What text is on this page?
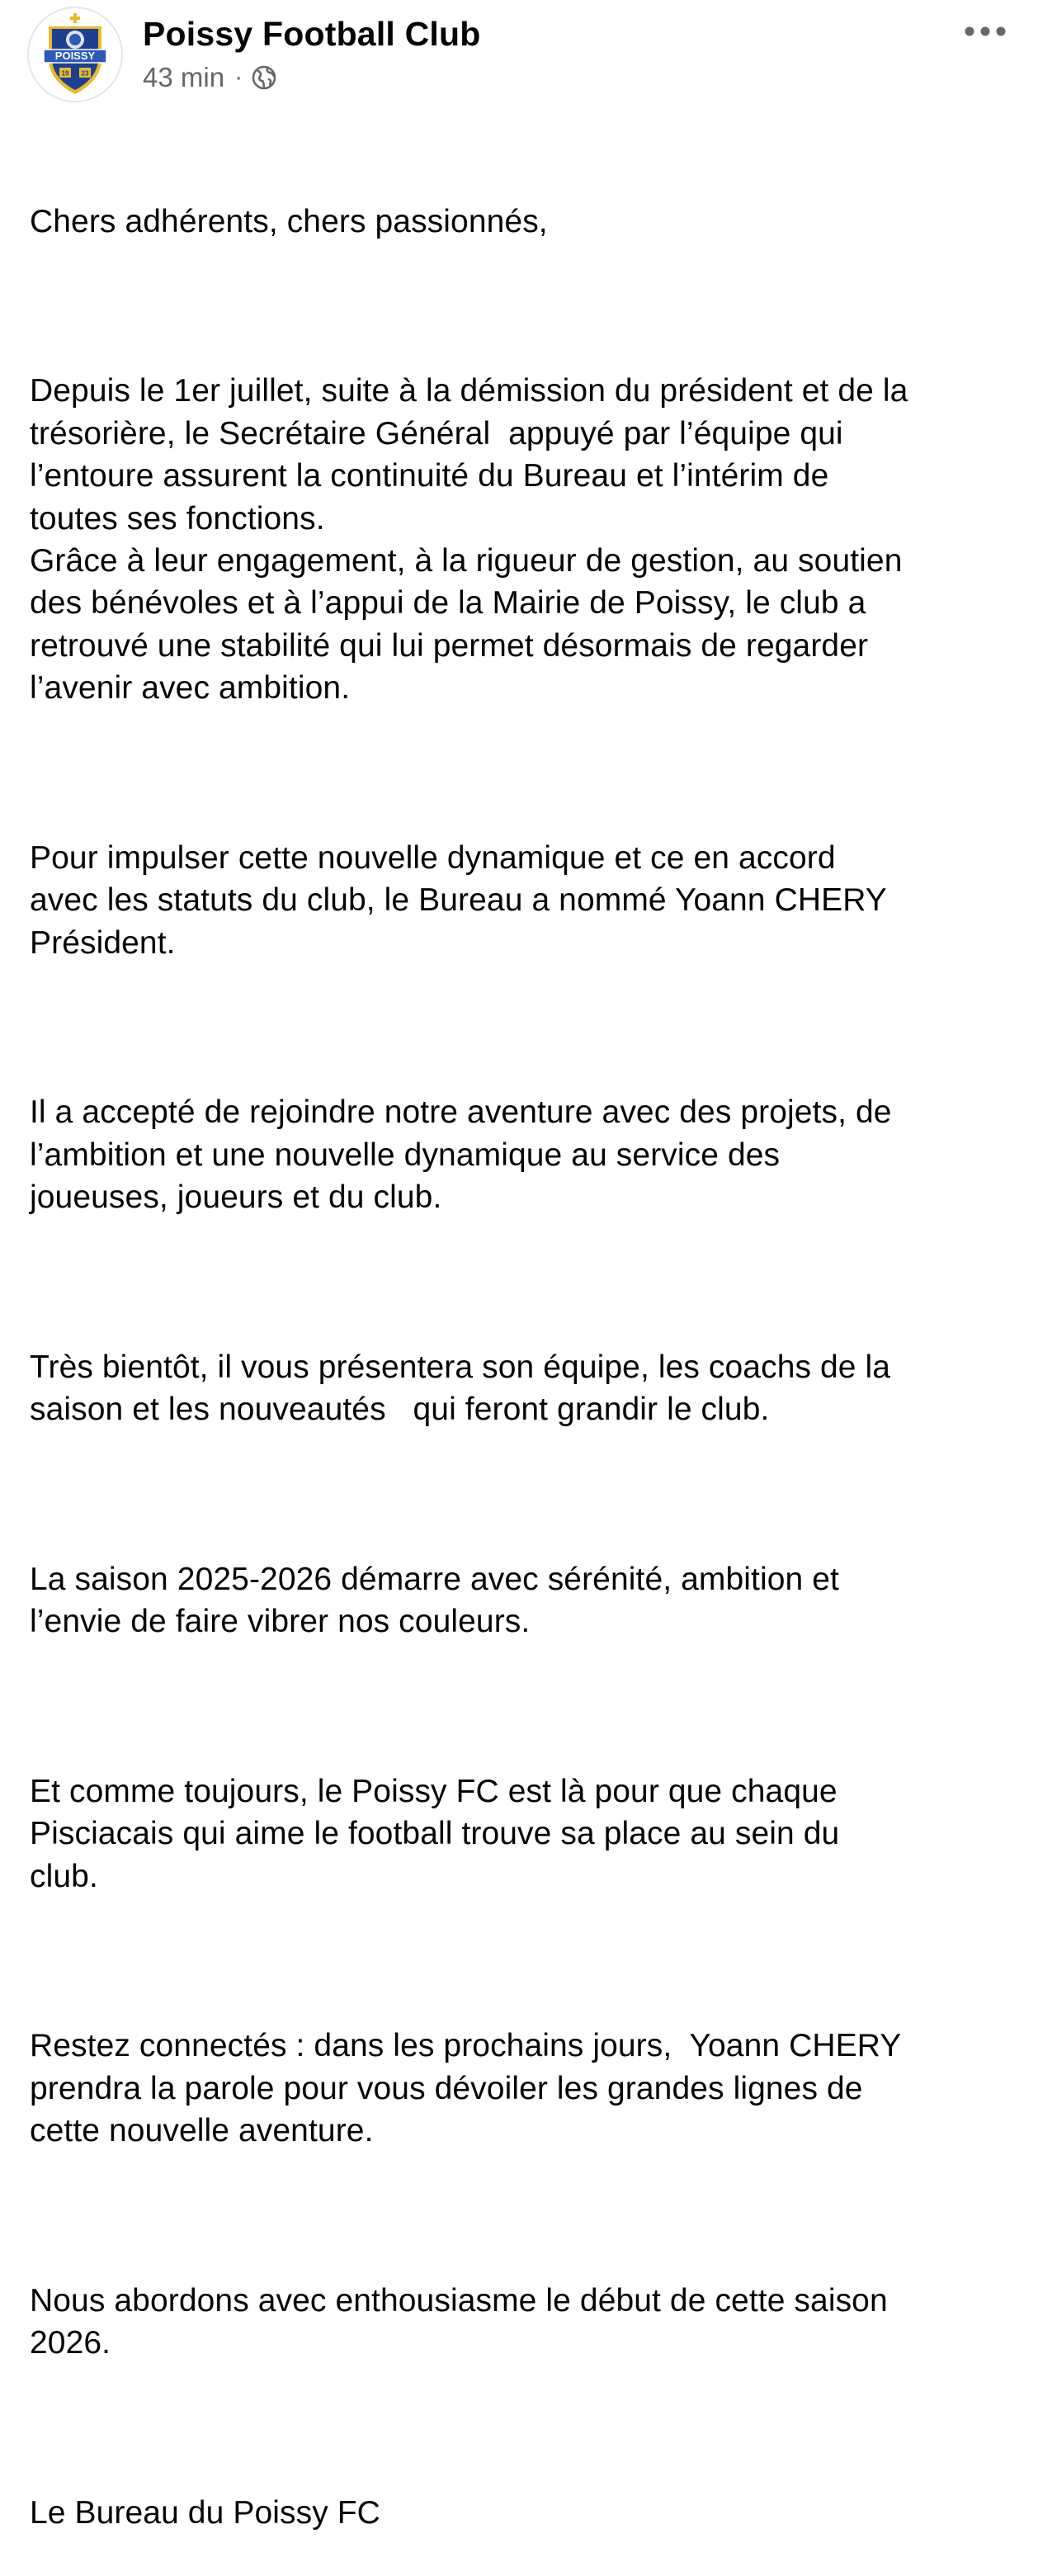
POISSY
19 23
Poissy Football Club
43 min ·

Chers adhérents, chers passionnés,

Depuis le 1er juillet, suite à la démission du président et de la
trésorière, le Secrétaire Général  appuyé par l’équipe qui
l’entoure assurent la continuité du Bureau et l’intérim de
toutes ses fonctions.
Grâce à leur engagement, à la rigueur de gestion, au soutien
des bénévoles et à l’appui de la Mairie de Poissy, le club a
retrouvé une stabilité qui lui permet désormais de regarder
l’avenir avec ambition.

Pour impulser cette nouvelle dynamique et ce en accord
avec les statuts du club, le Bureau a nommé Yoann CHERY
Président.

Il a accepté de rejoindre notre aventure avec des projets, de
l’ambition et une nouvelle dynamique au service des
joueuses, joueurs et du club.

Très bientôt, il vous présentera son équipe, les coachs de la
saison et les nouveautés   qui feront grandir le club.

La saison 2025-2026 démarre avec sérénité, ambition et
l’envie de faire vibrer nos couleurs.

Et comme toujours, le Poissy FC est là pour que chaque
Pisciacais qui aime le football trouve sa place au sein du
club.

Restez connectés : dans les prochains jours,  Yoann CHERY
prendra la parole pour vous dévoiler les grandes lignes de
cette nouvelle aventure.

Nous abordons avec enthousiasme le début de cette saison
2026.

Le Bureau du Poissy FC
